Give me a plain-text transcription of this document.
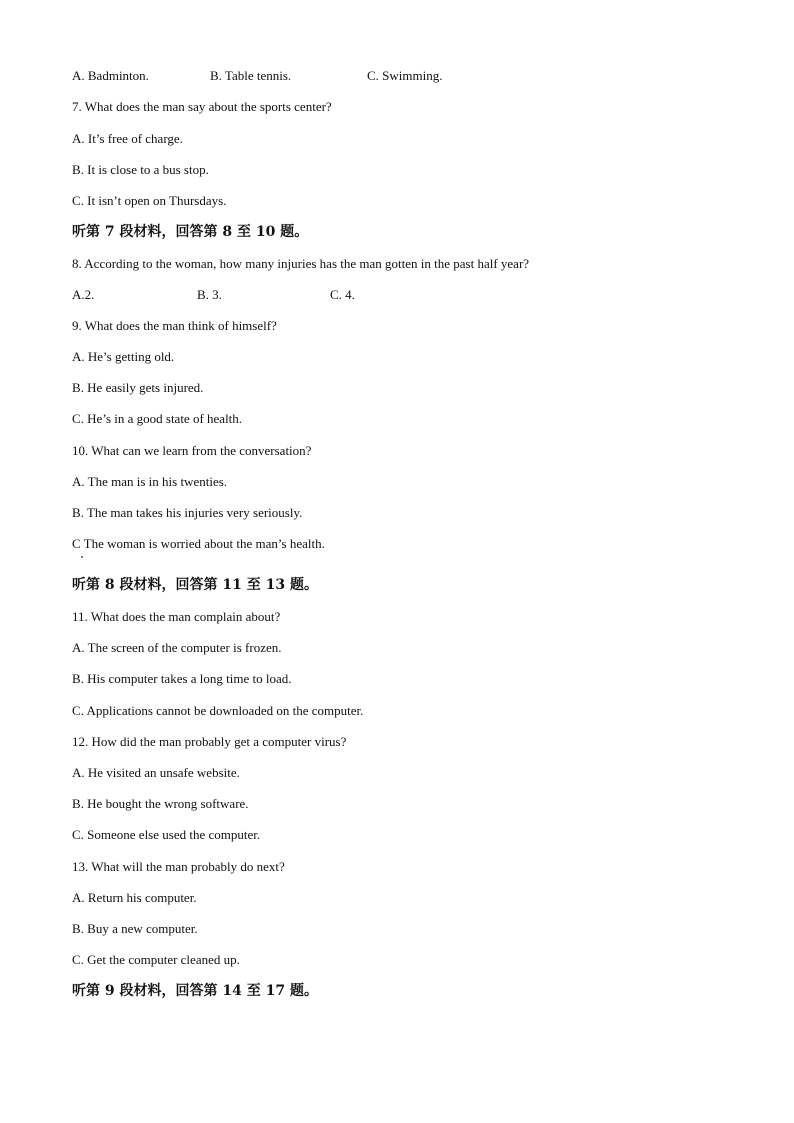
A. Badminton.	B. Table tennis.	C. Swimming.
7. What does the man say about the sports center?
A. It’s free of charge.
B. It is close to a bus stop.
C. It isn’t open on Thursdays.
听第 7 段材料，回答第 8 至 10 题。
8. According to the woman, how many injuries has the man gotten in the past half year?
A.2.	B. 3.	C. 4.
9. What does the man think of himself?
A. He’s getting old.
B. He easily gets injured.
C. He’s in a good state of health.
10. What can we learn from the conversation?
A. The man is in his twenties.
B. The man takes his injuries very seriously.
C The woman is worried about the man’s health.
听第 8 段材料，回答第 11 至 13 题。
11. What does the man complain about?
A. The screen of the computer is frozen.
B. His computer takes a long time to load.
C. Applications cannot be downloaded on the computer.
12. How did the man probably get a computer virus?
A. He visited an unsafe website.
B. He bought the wrong software.
C. Someone else used the computer.
13. What will the man probably do next?
A. Return his computer.
B. Buy a new computer.
C. Get the computer cleaned up.
听第 9 段材料，回答第 14 至 17 题。
